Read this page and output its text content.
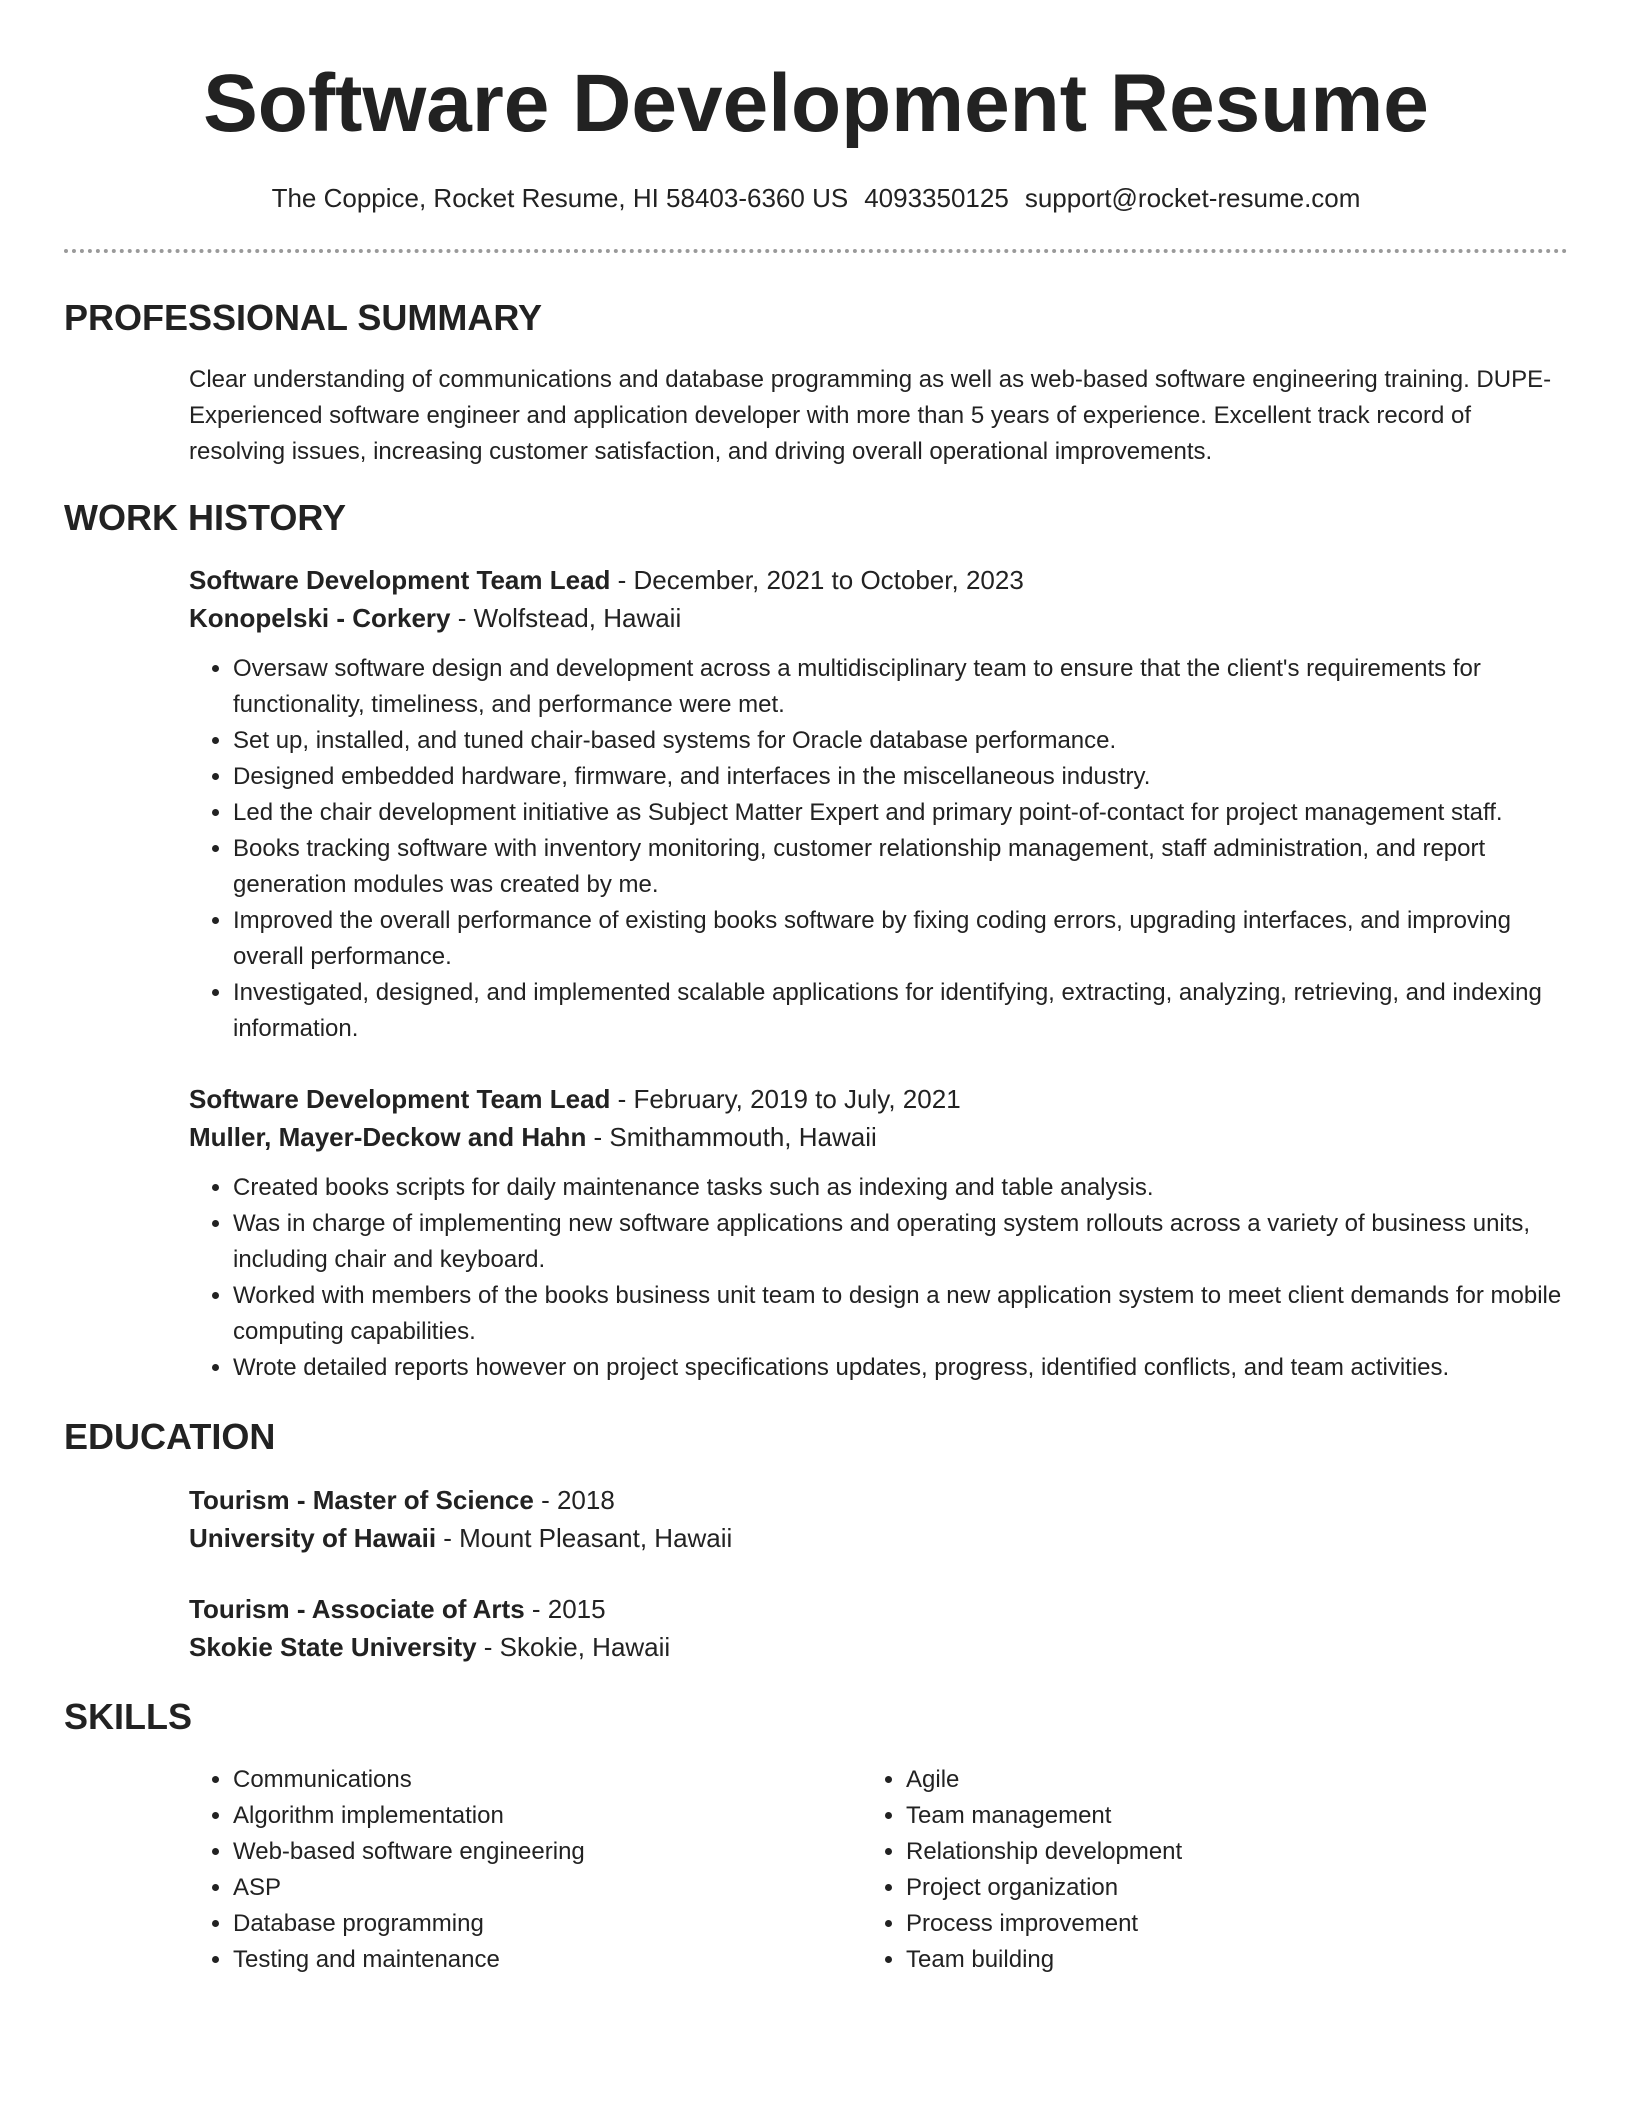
Software Development Resume
The Coppice, Rocket Resume, HI 58403-6360 US 4093350125 support@rocket-resume.com
PROFESSIONAL SUMMARY

Clear understanding of communications and database programming as well as web-based software engineering training. DUPE- Experienced software engineer and application developer with more than 5 years of experience. Excellent track record of resolving issues, increasing customer satisfaction, and driving overall operational improvements.

WORK HISTORY
Software Development Team Lead - December, 2021 to October, 2023
Konopelski - Corkery - Wolfstead, Hawaii
• Oversaw software design and development across a multidisciplinary team to ensure that the client's requirements for functionality, timeliness, and performance were met.
• Set up, installed, and tuned chair-based systems for Oracle database performance.
• Designed embedded hardware, firmware, and interfaces in the miscellaneous industry.
• Led the chair development initiative as Subject Matter Expert and primary point-of-contact for project management staff.
• Books tracking software with inventory monitoring, customer relationship management, staff administration, and report generation modules was created by me.
• Improved the overall performance of existing books software by fixing coding errors, upgrading interfaces, and improving overall performance.
• Investigated, designed, and implemented scalable applications for identifying, extracting, analyzing, retrieving, and indexing information.
Software Development Team Lead - February, 2019 to July, 2021
Muller, Mayer-Deckow and Hahn - Smithammouth, Hawaii
• Created books scripts for daily maintenance tasks such as indexing and table analysis.
• Was in charge of implementing new software applications and operating system rollouts across a variety of business units, including chair and keyboard.
• Worked with members of the books business unit team to design a new application system to meet client demands for mobile computing capabilities.
• Wrote detailed reports however on project specifications updates, progress, identified conflicts, and team activities.
EDUCATION
Tourism - Master of Science - 2018
University of Hawaii - Mount Pleasant, Hawaii
Tourism - Associate of Arts - 2015
Skokie State University - Skokie, Hawaii
SKILLS
• Communications
• Algorithm implementation
• Web-based software engineering
• ASP
• Database programming
• Testing and maintenance
• Agile
• Team management
• Relationship development
• Project organization
• Process improvement
• Team building
